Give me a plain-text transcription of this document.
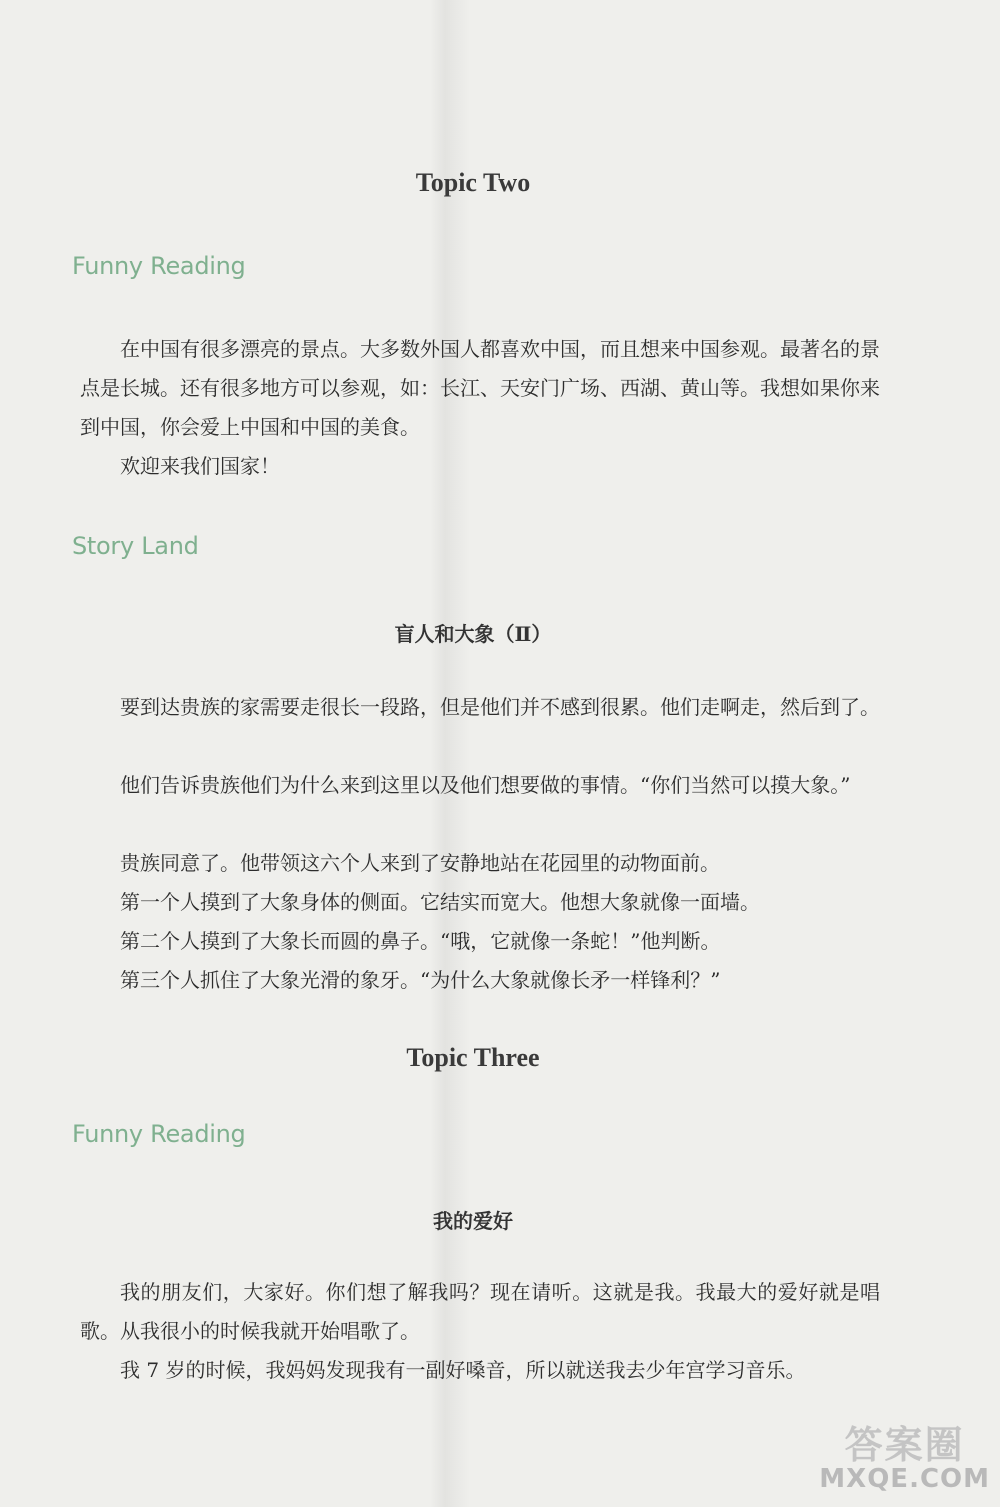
Topic Two
Funny Reading

在中国有很多漂亮的景点。大多数外国人都喜欢中国，而且想来中国参观。最著名的景点是长城。还有很多地方可以参观，如：长江、天安门广场、西湖、黄山等。我想如果你来到中国，你会爱上中国和中国的美食。

欢迎来我们国家！

Story Land
盲人和大象（Ⅱ）

要到达贵族的家需要走很长一段路，但是他们并不感到很累。他们走啊走，然后到了。

他们告诉贵族他们为什么来到这里以及他们想要做的事情。“你们当然可以摸大象。”

贵族同意了。他带领这六个人来到了安静地站在花园里的动物面前。

第一个人摸到了大象身体的侧面。它结实而宽大。他想大象就像一面墙。

第二个人摸到了大象长而圆的鼻子。“哦，它就像一条蛇！”他判断。

第三个人抓住了大象光滑的象牙。“为什么大象就像长矛一样锋利？”

Topic Three
Funny Reading
我的爱好

我的朋友们，大家好。你们想了解我吗？现在请听。这就是我。我最大的爱好就是唱歌。从我很小的时候我就开始唱歌了。

我 7 岁的时候，我妈妈发现我有一副好嗓音，所以就送我去少年宫学习音乐。

答案圈
MXQE.COM
